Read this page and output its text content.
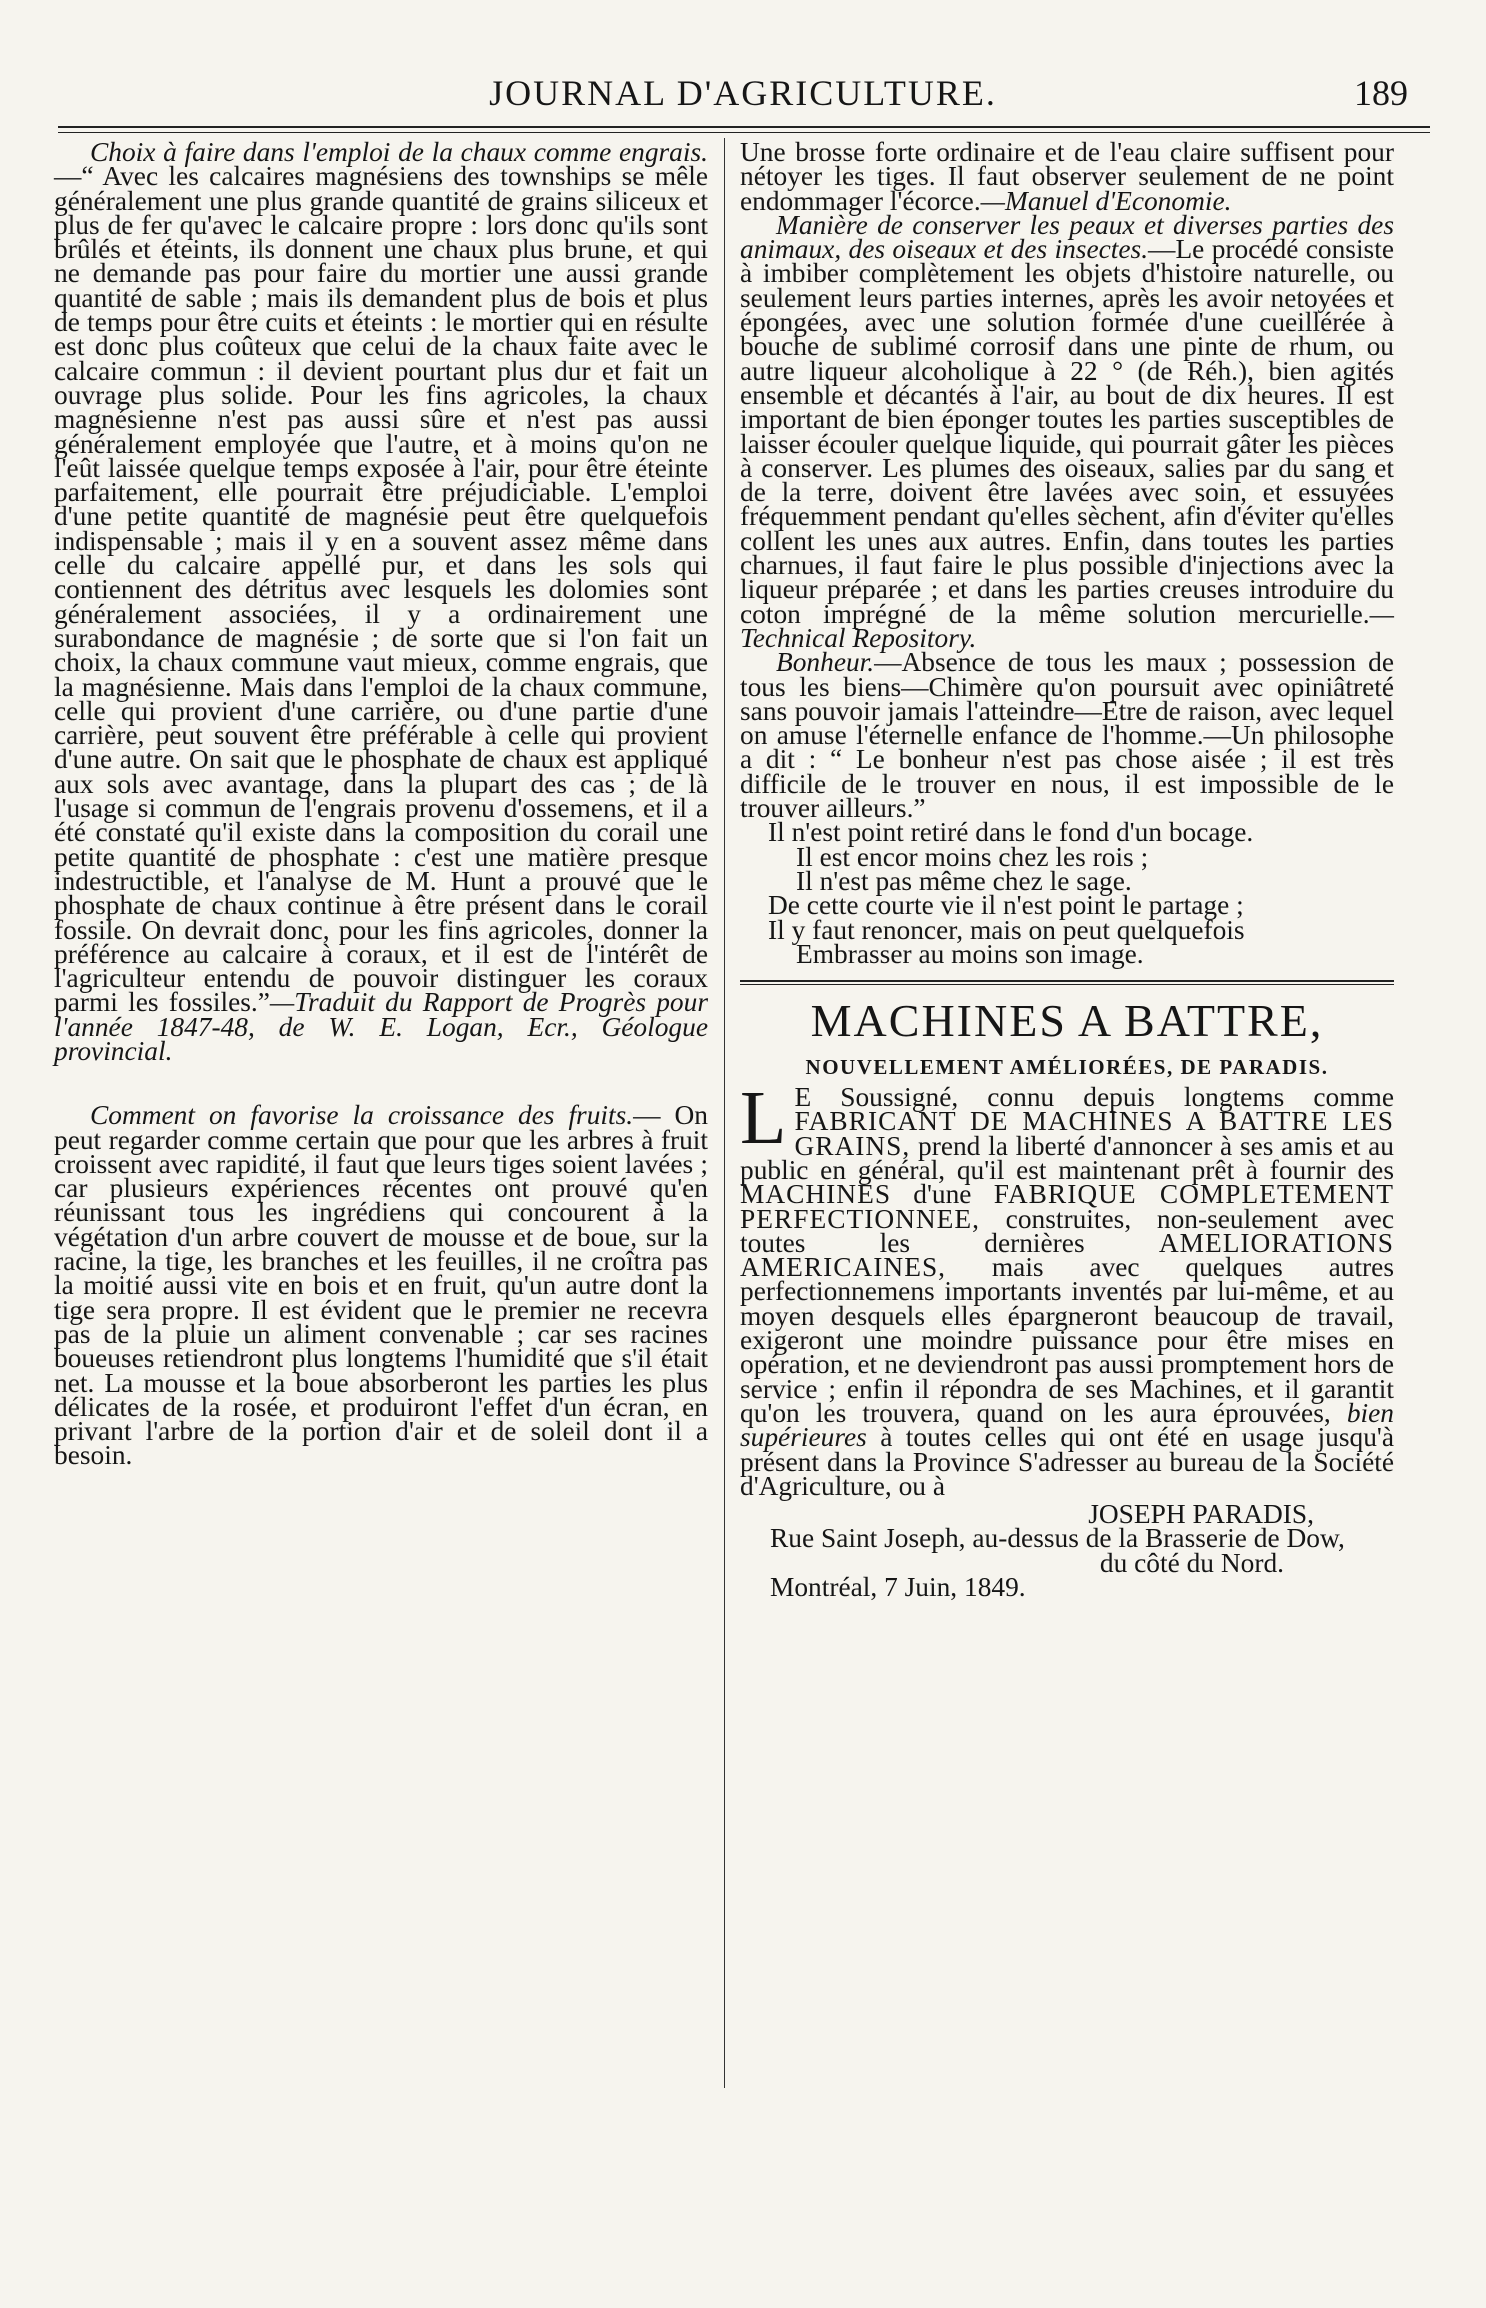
JOURNAL D'AGRICULTURE.	189

Choix à faire dans l'emploi de la chaux comme engrais.—“ Avec les calcaires magnésiens des townships se mêle généralement une plus grande quantité de grains siliceux et plus de fer qu'avec le calcaire propre : lors donc qu'ils sont brûlés et éteints, ils donnent une chaux plus brune, et qui ne demande pas pour faire du mortier une aussi grande quantité de sable ; mais ils demandent plus de bois et plus de temps pour être cuits et éteints : le mortier qui en résulte est donc plus coûteux que celui de la chaux faite avec le calcaire commun : il devient pourtant plus dur et fait un ouvrage plus solide. Pour les fins agricoles, la chaux magnésienne n'est pas aussi sûre et n'est pas aussi généralement employée que l'autre, et à moins qu'on ne l'eût laissée quelque temps exposée à l'air, pour être éteinte parfaitement, elle pourrait être préjudiciable. L'emploi d'une petite quantité de magnésie peut être quelquefois indispensable ; mais il y en a souvent assez même dans celle du calcaire appellé pur, et dans les sols qui contiennent des détritus avec lesquels les dolomies sont généralement associées, il y a ordinairement une surabondance de magnésie ; de sorte que si l'on fait un choix, la chaux commune vaut mieux, comme engrais, que la magnésienne. Mais dans l'emploi de la chaux commune, celle qui provient d'une carrière, ou d'une partie d'une carrière, peut souvent être préférable à celle qui provient d'une autre. On sait que le phosphate de chaux est appliqué aux sols avec avantage, dans la plupart des cas ; de là l'usage si commun de l'engrais provenu d'ossemens, et il a été constaté qu'il existe dans la composition du corail une petite quantité de phosphate : c'est une matière presque indestructible, et l'analyse de M. Hunt a prouvé que le phosphate de chaux continue à être présent dans le corail fossile. On devrait donc, pour les fins agricoles, donner la préférence au calcaire à coraux, et il est de l'intérêt de l'agriculteur entendu de pouvoir distinguer les coraux parmi les fossiles.”—Traduit du Rapport de Progrès pour l'année 1847-48, de W. E. Logan, Ecr., Géologue provincial.

Comment on favorise la croissance des fruits.— On peut regarder comme certain que pour que les arbres à fruit croissent avec rapidité, il faut que leurs tiges soient lavées ; car plusieurs expériences récentes ont prouvé qu'en réunissant tous les ingrédiens qui concourent à la végétation d'un arbre couvert de mousse et de boue, sur la racine, la tige, les branches et les feuilles, il ne croîtra pas la moitié aussi vite en bois et en fruit, qu'un autre dont la tige sera propre. Il est évident que le premier ne recevra pas de la pluie un aliment convenable ; car ses racines boueuses retiendront plus longtems l'humidité que s'il était net. La mousse et la boue absorberont les parties les plus délicates de la rosée, et produiront l'effet d'un écran, en privant l'arbre de la portion d'air et de soleil dont il a besoin.

Une brosse forte ordinaire et de l'eau claire suffisent pour nétoyer les tiges. Il faut observer seulement de ne point endommager l'écorce.—Manuel d'Economie.

Manière de conserver les peaux et diverses parties des animaux, des oiseaux et des insectes.—Le procédé consiste à imbiber complètement les objets d'histoire naturelle, ou seulement leurs parties internes, après les avoir netoyées et épongées, avec une solution formée d'une cueillérée à bouche de sublimé corrosif dans une pinte de rhum, ou autre liqueur alcoholique à 22 ° (de Réh.), bien agités ensemble et décantés à l'air, au bout de dix heures. Il est important de bien éponger toutes les parties susceptibles de laisser écouler quelque liquide, qui pourrait gâter les pièces à conserver. Les plumes des oiseaux, salies par du sang et de la terre, doivent être lavées avec soin, et essuyées fréquemment pendant qu'elles sèchent, afin d'éviter qu'elles collent les unes aux autres. Enfin, dans toutes les parties charnues, il faut faire le plus possible d'injections avec la liqueur préparée ; et dans les parties creuses introduire du coton imprégné de la même solution mercurielle.—Technical Repository.

Bonheur.—Absence de tous les maux ; possession de tous les biens—Chimère qu'on poursuit avec opiniâtreté sans pouvoir jamais l'atteindre—Etre de raison, avec lequel on amuse l'éternelle enfance de l'homme.—Un philosophe a dit : “ Le bonheur n'est pas chose aisée ; il est très difficile de le trouver en nous, il est impossible de le trouver ailleurs.”

Il n'est point retiré dans le fond d'un bocage.
Il est encor moins chez les rois ;
Il n'est pas même chez le sage.
De cette courte vie il n'est point le partage ;
Il y faut renoncer, mais on peut quelquefois
Embrasser au moins son image.
MACHINES A BATTRE,
NOUVELLEMENT AMÉLIORÉES, DE PARADIS.

L E Soussigné, connu depuis longtems comme FABRICANT DE MACHINES A BATTRE LES GRAINS, prend la liberté d'annoncer à ses amis et au public en général, qu'il est maintenant prêt à fournir des MACHINES d'une FABRIQUE COMPLETEMENT PERFECTIONNEE, construites, non-seulement avec toutes les dernières AMELIORATIONS AMERICAINES, mais avec quelques autres perfectionnemens importants inventés par lui-même, et au moyen desquels elles épargneront beaucoup de travail, exigeront une moindre puissance pour être mises en opération, et ne deviendront pas aussi promptement hors de service ; enfin il répondra de ses Machines, et il garantit qu'on les trouvera, quand on les aura éprouvées, bien supérieures à toutes celles qui ont été en usage jusqu'à présent dans la Province S'adresser au bureau de la Société d'Agriculture, ou à

JOSEPH PARADIS,
Rue Saint Joseph, au-dessus de la Brasserie de Dow,
du côté du Nord.
Montréal, 7 Juin, 1849.
